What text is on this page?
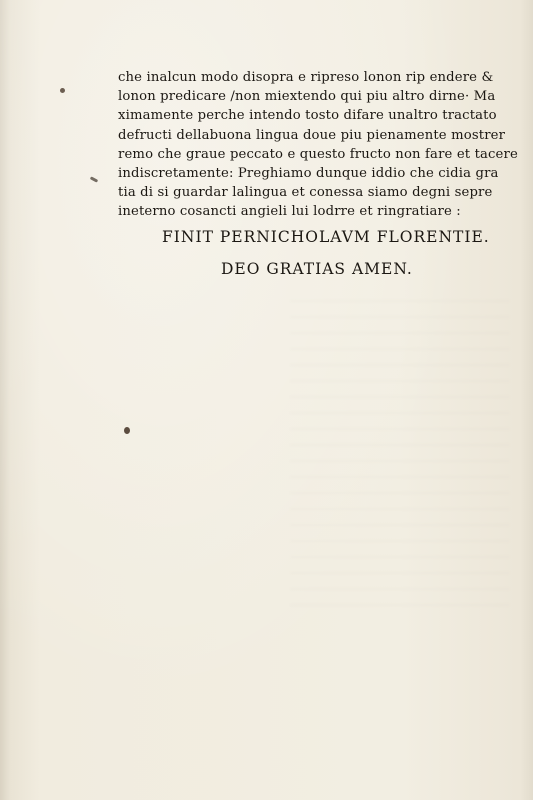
che inalcun modo disopra e ripreso lonon rip endere &
lonon predicare /non miextendo qui piu altro dirne· Ma
ximamente perche intendo tosto difare unaltro tractato
defructi dellabuona lingua doue piu pienamente mostrer
remo che graue peccato e questo fructo non fare et tacere
indiscretamente: Preghiamo dunque iddio che cidia gra
tia di si guardar lalingua et conessa siamo degni sepre
ineterno cosancti angieli lui lodrre et ringratiare :
FINIT PERNICHOLAVM FLORENTIE.
DEO GRATIAS AMEN.
